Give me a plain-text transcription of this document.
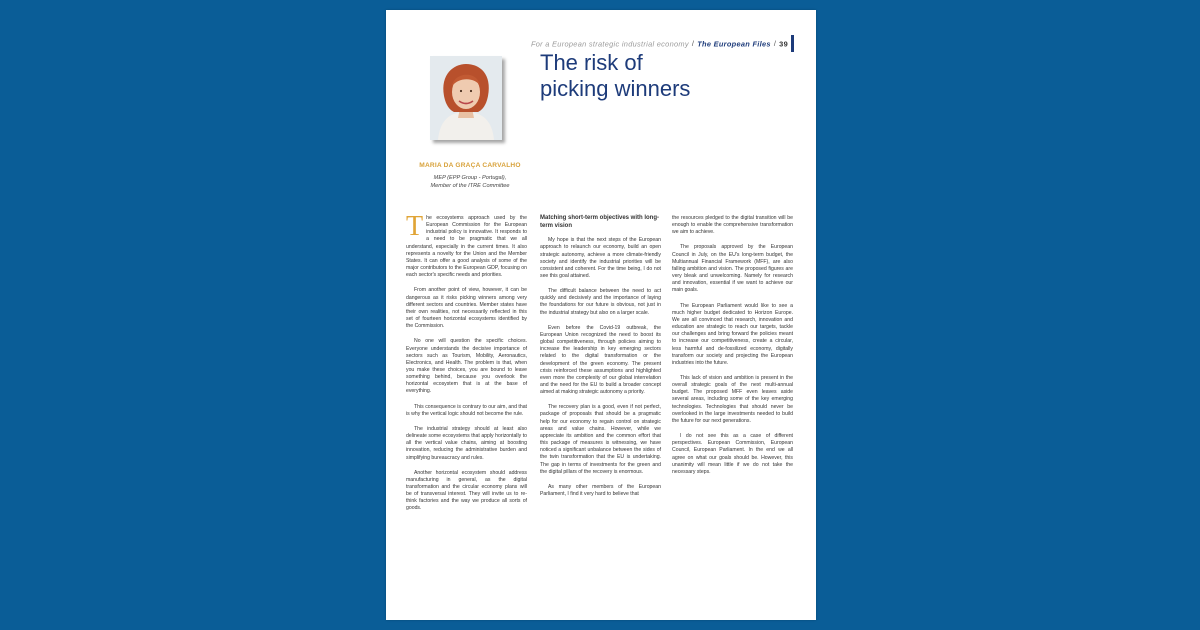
For a European strategic industrial economy / The European Files / 39
The risk of
picking winners
MARIA DA GRAÇA CARVALHO
MEP (EPP Group - Portugal),
Member of the ITRE Committee

The ecosystems approach used by the European Commission for the European industrial policy is innovative. It responds to a need to be pragmatic that we all understand, especially in the current times. It also represents a novelty for the Union and the Member States. It can offer a good analysis of some of the major contributors to the European GDP, focusing on each sector's specific needs and priorities.

From another point of view, however, it can be dangerous as it risks picking winners among very different sectors and countries. Member states have their own realities, not necessarily reflected in this set of fourteen horizontal ecosystems identified by the Commission.

No one will question the specific choices. Everyone understands the decisive importance of sectors such as Tourism, Mobility, Aeronautics, Electronics, and Health. The problem is that, when you make these choices, you are bound to leave something behind, because you overlook the horizontal ecosystem that is at the base of everything.

This consequence is contrary to our aim, and that is why the vertical logic should not become the rule.

The industrial strategy should at least also delineate some ecosystems that apply horizontally to all the vertical value chains, aiming at boosting innovation, reducing the administrative burden and simplifying bureaucracy and rules.

Another horizontal ecosystem should address manufacturing in general, as the digital transformation and the circular economy plans will be of transversal interest. They will invite us to re-think factories and the way we produce all sorts of goods.

Matching short-term objectives with long-term vision

My hope is that the next steps of the European approach to relaunch our economy, build an open strategic autonomy, achieve a more climate-friendly society and identify the industrial priorities will be consistent and coherent. For the time being, I do not see this goal attained.

The difficult balance between the need to act quickly and decisively and the importance of laying the foundations for our future is obvious, not just in the industrial strategy but also on a larger scale.

Even before the Covid-19 outbreak, the European Union recognized the need to boost its global competitiveness, through policies aiming to increase the leadership in key emerging sectors related to the digital transformation or the development of the green economy. The present crisis reinforced these assumptions and highlighted even more the complexity of our global interrelation and the need for the EU to build a broader concept aimed at making strategic autonomy a priority.

The recovery plan is a good, even if not perfect, package of proposals that should be a pragmatic help for our economy to regain control on strategic areas and value chains. However, while we appreciate its ambition and the common effort that this package of measures is witnessing, we have noticed a significant unbalance between the sides of the twin transformation that the EU is undertaking. The gap in terms of investments for the green and the digital pillars of the recovery is enormous.

As many other members of the European Parliament, I find it very hard to believe that

the resources pledged to the digital transition will be enough to enable the comprehensive transformation we aim to achieve.

The proposals approved by the European Council in July, on the EU's long-term budget, the Multiannual Financial Framework (MFF), are also falling ambition and vision. The proposed figures are very bleak and unwelcoming. Namely for research and innovation, essential if we want to achieve our main goals.

The European Parliament would like to see a much higher budget dedicated to Horizon Europe. We are all convinced that research, innovation and education are strategic to reach our targets, tackle our challenges and bring forward the policies meant to increase our competitiveness, create a circular, less harmful and de-fossilized economy, digitally transform our society and projecting the European industries into the future.

This lack of vision and ambition is present in the overall strategic goals of the next multi-annual budget. The proposed MFF even leaves aside several areas, including some of the key emerging technologies. Technologies that should never be overlooked in the large investments needed to build the future for our next generations.

I do not see this as a case of different perspectives. European Commission, European Council, European Parliament. In the end we all agree on what our goals should be. However, this unanimity will mean little if we do not take the necessary steps.
